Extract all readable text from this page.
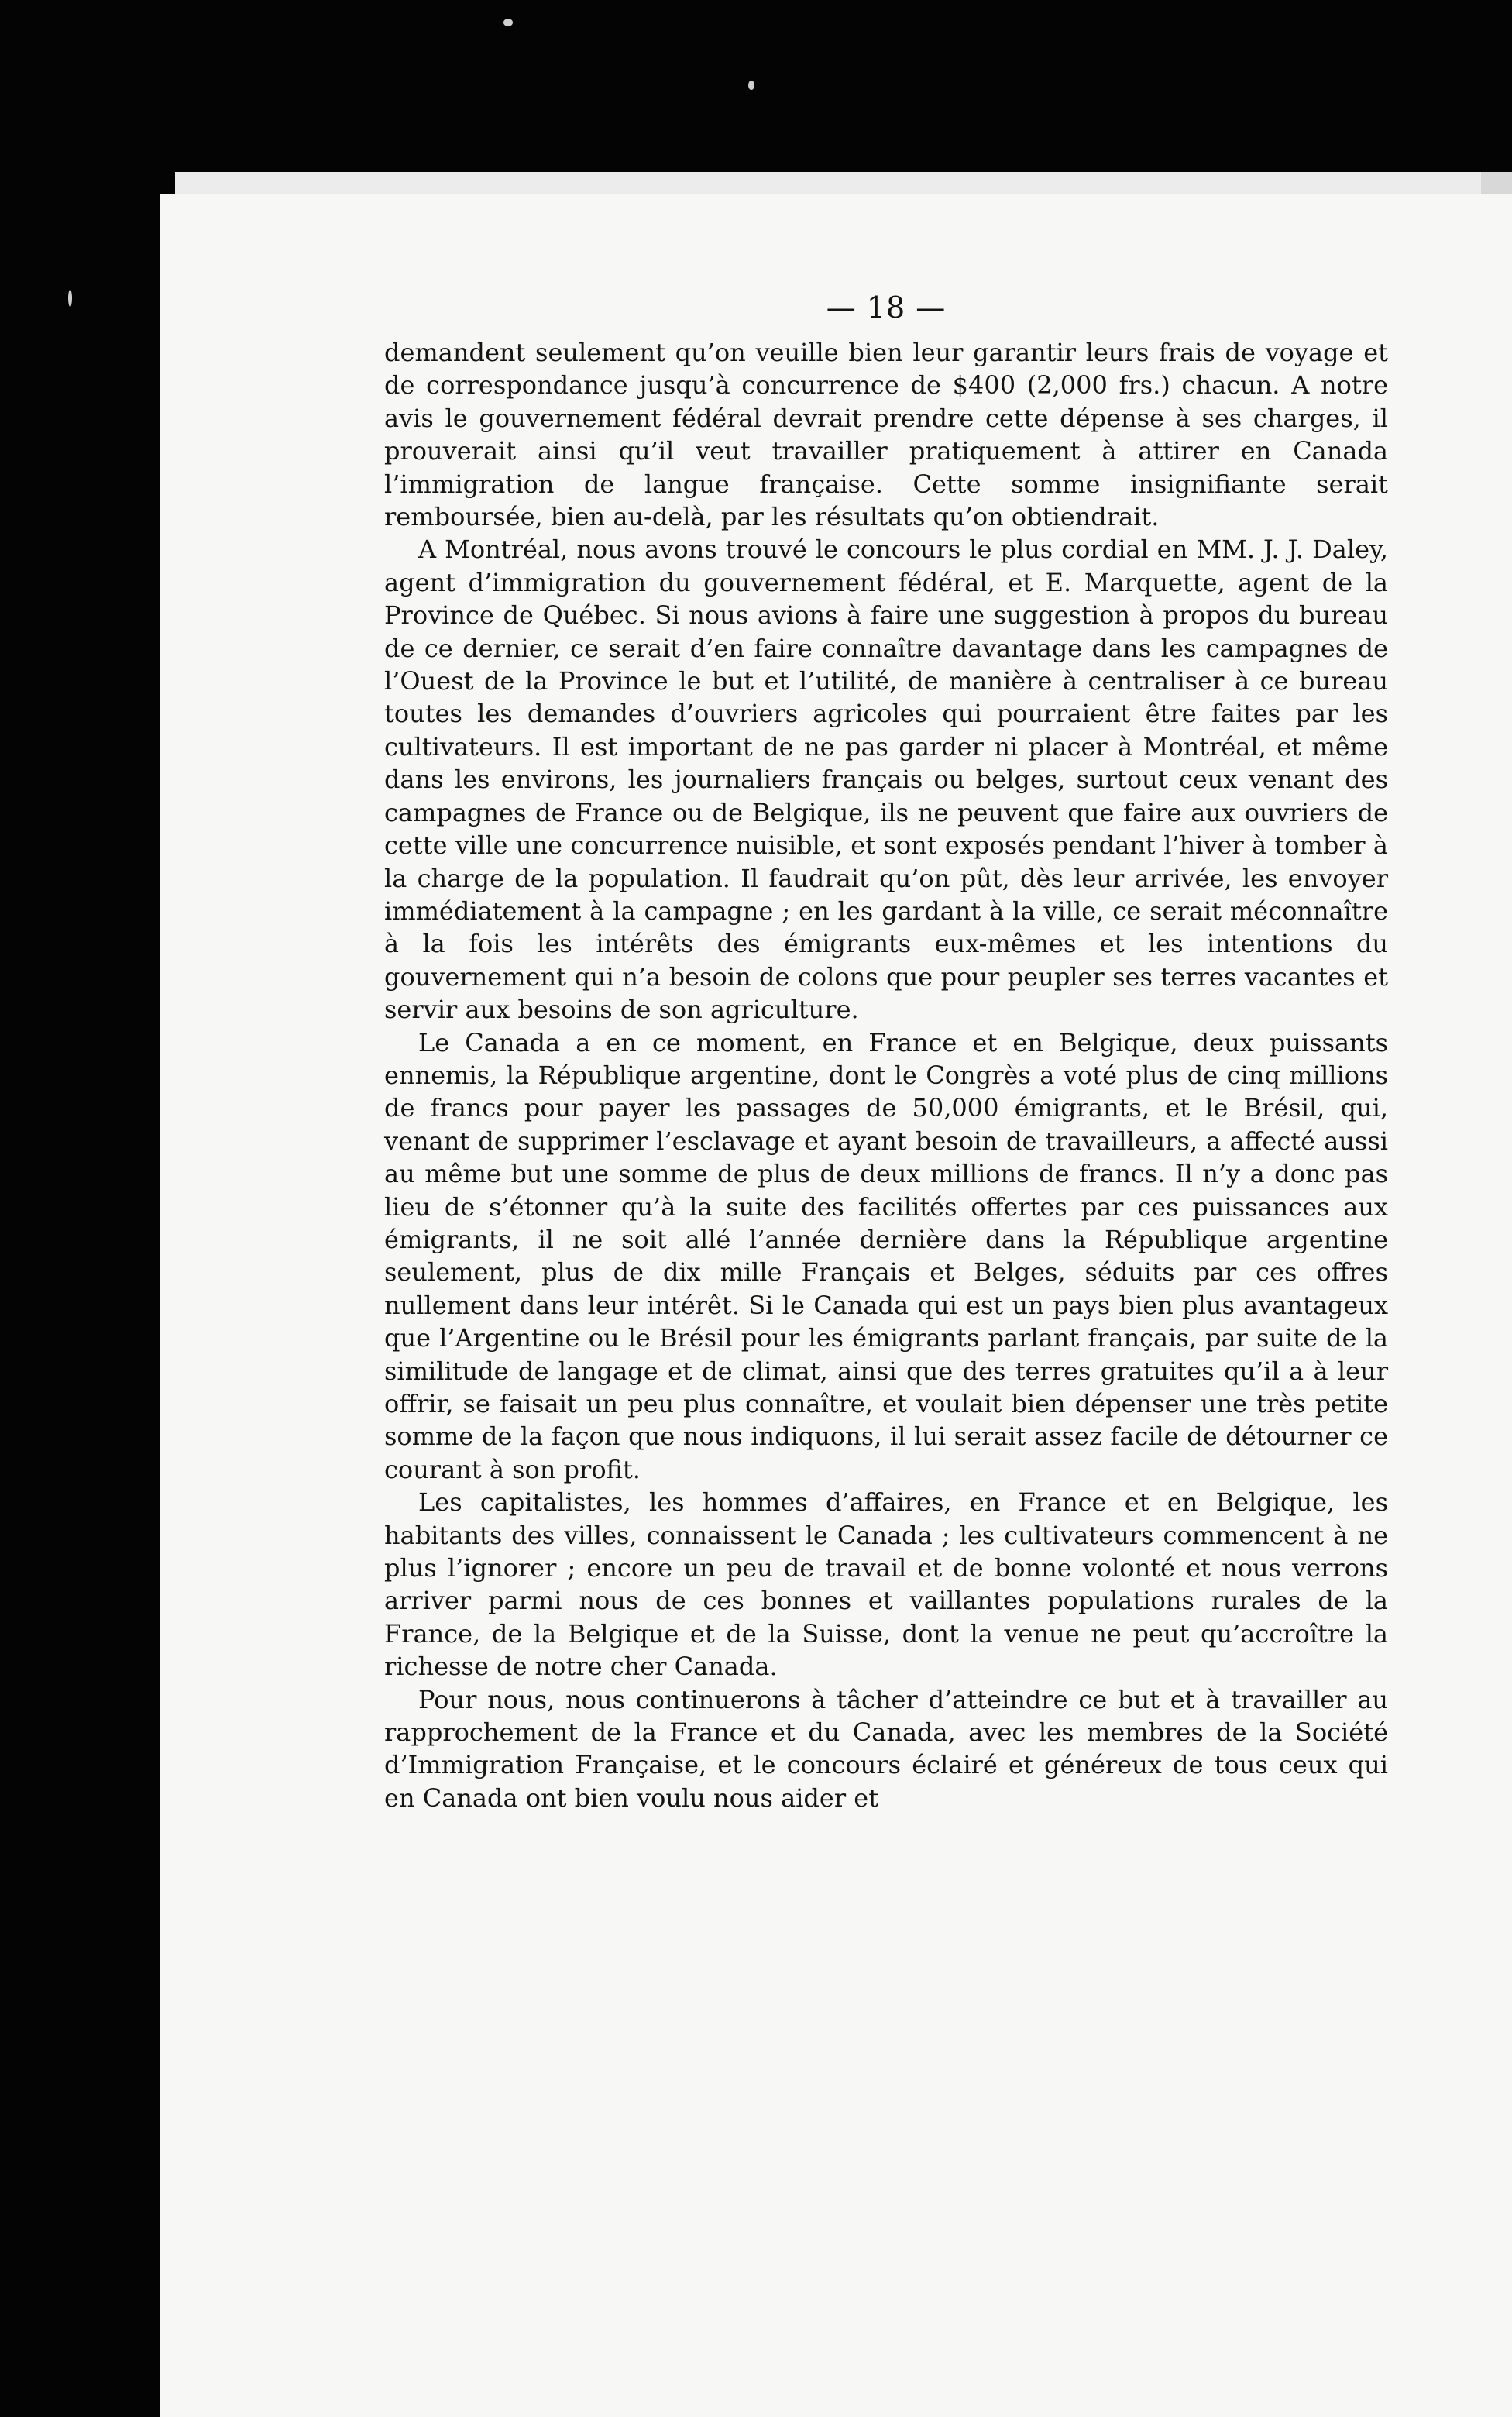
— 18 —

demandent seulement qu’on veuille bien leur garantir leurs frais de voyage et de correspondance jusqu’à concurrence de $400 (2,000 frs.) chacun. A notre avis le gouvernement fédéral devrait prendre cette dépense à ses charges, il prouverait ainsi qu’il veut travailler pratiquement à attirer en Canada l’immigration de langue française. Cette somme insignifiante serait remboursée, bien au-delà, par les résultats qu’on obtiendrait.

A Montréal, nous avons trouvé le concours le plus cordial en MM. J. J. Daley, agent d’immigration du gouvernement fédéral, et E. Marquette, agent de la Province de Québec. Si nous avions à faire une suggestion à propos du bureau de ce dernier, ce serait d’en faire connaître davantage dans les campagnes de l’Ouest de la Province le but et l’utilité, de manière à centraliser à ce bureau toutes les demandes d’ouvriers agricoles qui pourraient être faites par les cultivateurs. Il est important de ne pas garder ni placer à Montréal, et même dans les environs, les journaliers français ou belges, surtout ceux venant des campagnes de France ou de Belgique, ils ne peuvent que faire aux ouvriers de cette ville une concurrence nuisible, et sont exposés pendant l’hiver à tomber à la charge de la population. Il faudrait qu’on pût, dès leur arrivée, les envoyer immédiatement à la campagne ; en les gardant à la ville, ce serait méconnaître à la fois les intérêts des émigrants eux-mêmes et les intentions du gouvernement qui n’a besoin de colons que pour peupler ses terres vacantes et servir aux besoins de son agriculture.

Le Canada a en ce moment, en France et en Belgique, deux puissants ennemis, la République argentine, dont le Congrès a voté plus de cinq millions de francs pour payer les passages de 50,000 émigrants, et le Brésil, qui, venant de supprimer l’esclavage et ayant besoin de travailleurs, a affecté aussi au même but une somme de plus de deux millions de francs. Il n’y a donc pas lieu de s’étonner qu’à la suite des facilités offertes par ces puissances aux émigrants, il ne soit allé l’année dernière dans la République argentine seulement, plus de dix mille Français et Belges, séduits par ces offres nullement dans leur intérêt. Si le Canada qui est un pays bien plus avantageux que l’Argentine ou le Brésil pour les émigrants parlant français, par suite de la similitude de langage et de climat, ainsi que des terres gratuites qu’il a à leur offrir, se faisait un peu plus connaître, et voulait bien dépenser une très petite somme de la façon que nous indiquons, il lui serait assez facile de détourner ce courant à son profit.

Les capitalistes, les hommes d’affaires, en France et en Belgique, les habitants des villes, connaissent le Canada ; les cultivateurs commencent à ne plus l’ignorer ; encore un peu de travail et de bonne volonté et nous verrons arriver parmi nous de ces bonnes et vaillantes populations rurales de la France, de la Belgique et de la Suisse, dont la venue ne peut qu’accroître la richesse de notre cher Canada.

Pour nous, nous continuerons à tâcher d’atteindre ce but et à travailler au rapprochement de la France et du Canada, avec les membres de la Société d’Immigration Française, et le concours éclairé et généreux de tous ceux qui en Canada ont bien voulu nous aider et
